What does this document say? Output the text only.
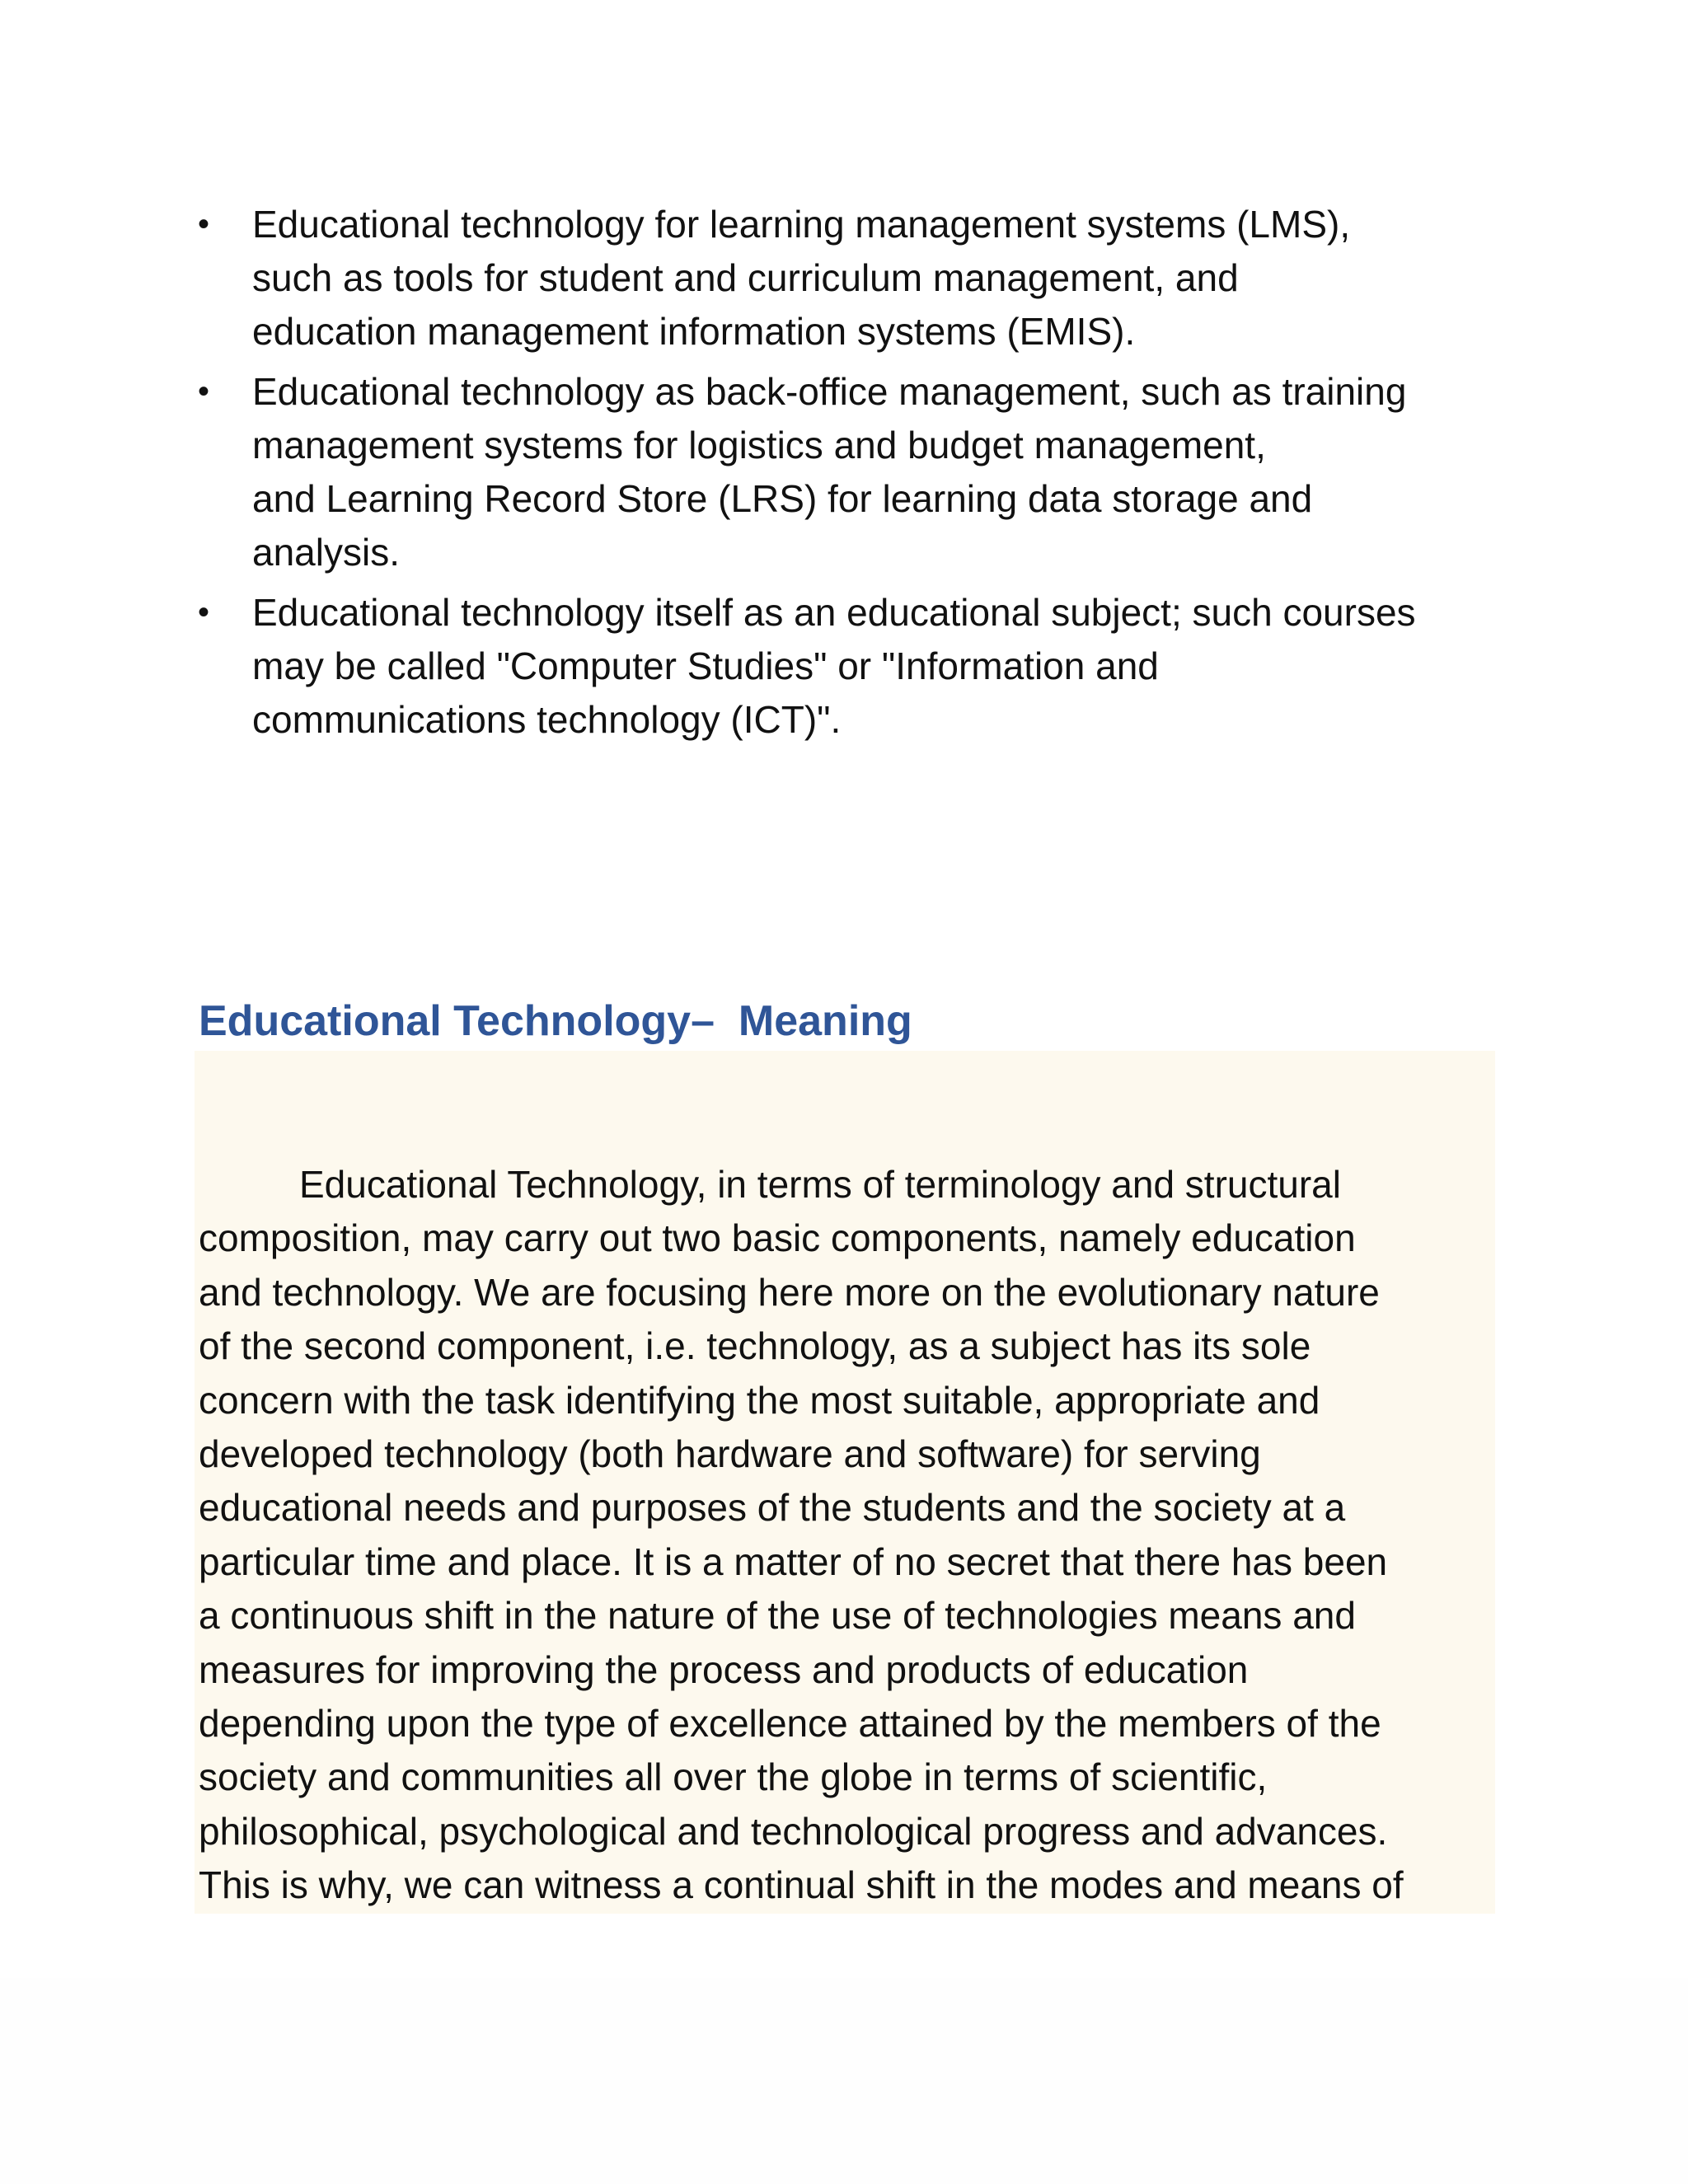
•	Educational technology for learning management systems (LMS),
such as tools for student and curriculum management, and
education management information systems (EMIS).
•	Educational technology as back-office management, such as training
management systems for logistics and budget management,
and Learning Record Store (LRS) for learning data storage and
analysis.
•	Educational technology itself as an educational subject; such courses
may be called "Computer Studies" or "Information and
communications technology (ICT)".
Educational Technology–  Meaning

Educational Technology, in terms of terminology and structural
composition, may carry out two basic components, namely education
and technology. We are focusing here more on the evolutionary nature
of the second component, i.e. technology, as a subject has its sole
concern with the task identifying the most suitable, appropriate and
developed technology (both hardware and software) for serving
educational needs and purposes of the students and the society at a
particular time and place. It is a matter of no secret that there has been
a continuous shift in the nature of the use of technologies means and
measures for improving the process and products of education
depending upon the type of excellence attained by the members of the
society and communities all over the globe in terms of scientific,
philosophical, psychological and technological progress and advances.
This is why, we can witness a continual shift in the modes and means of
